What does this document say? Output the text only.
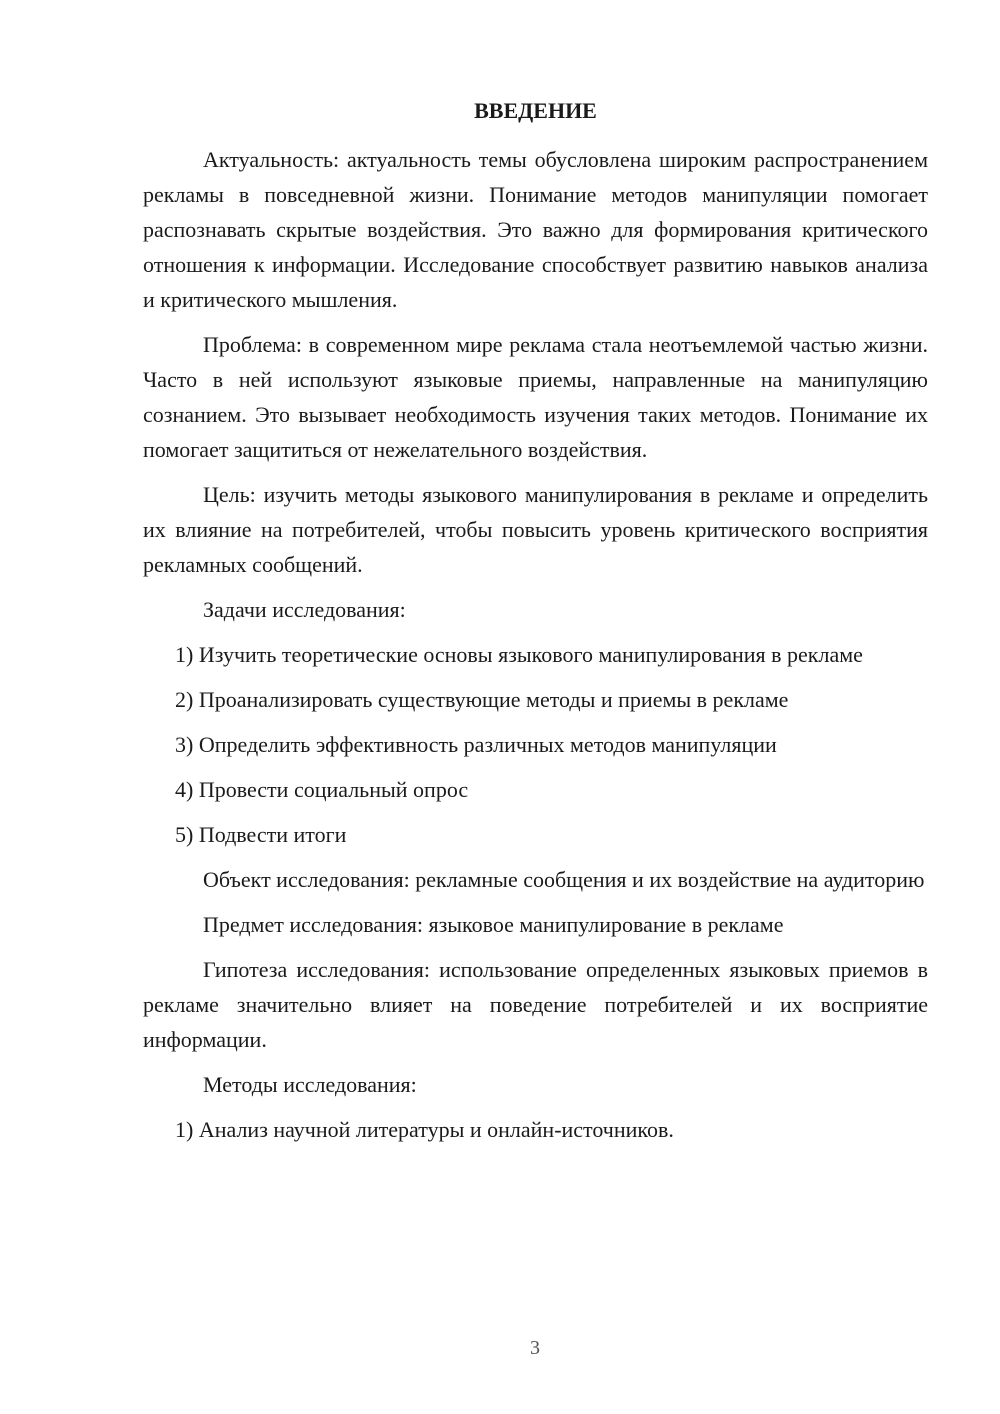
ВВЕДЕНИЕ

Актуальность: актуальность темы обусловлена широким распространением рекламы в повседневной жизни. Понимание методов манипуляции помогает распознавать скрытые воздействия. Это важно для формирования критического отношения к информации. Исследование способствует развитию навыков анализа и критического мышления.

Проблема: в современном мире реклама стала неотъемлемой частью жизни. Часто в ней используют языковые приемы, направленные на манипуляцию сознанием. Это вызывает необходимость изучения таких методов. Понимание их помогает защититься от нежелательного воздействия.

Цель: изучить методы языкового манипулирования в рекламе и определить их влияние на потребителей, чтобы повысить уровень критического восприятия рекламных сообщений.

Задачи исследования:

1) Изучить теоретические основы языкового манипулирования в рекламе

2) Проанализировать существующие методы и приемы в рекламе

3) Определить эффективность различных методов манипуляции

4) Провести социальный опрос

5) Подвести итоги

Объект исследования: рекламные сообщения и их воздействие на аудиторию

Предмет исследования: языковое манипулирование в рекламе

Гипотеза исследования: использование определенных языковых приемов в рекламе значительно влияет на поведение потребителей и их восприятие информации.

Методы исследования:

1) Анализ научной литературы и онлайн-источников.

3
